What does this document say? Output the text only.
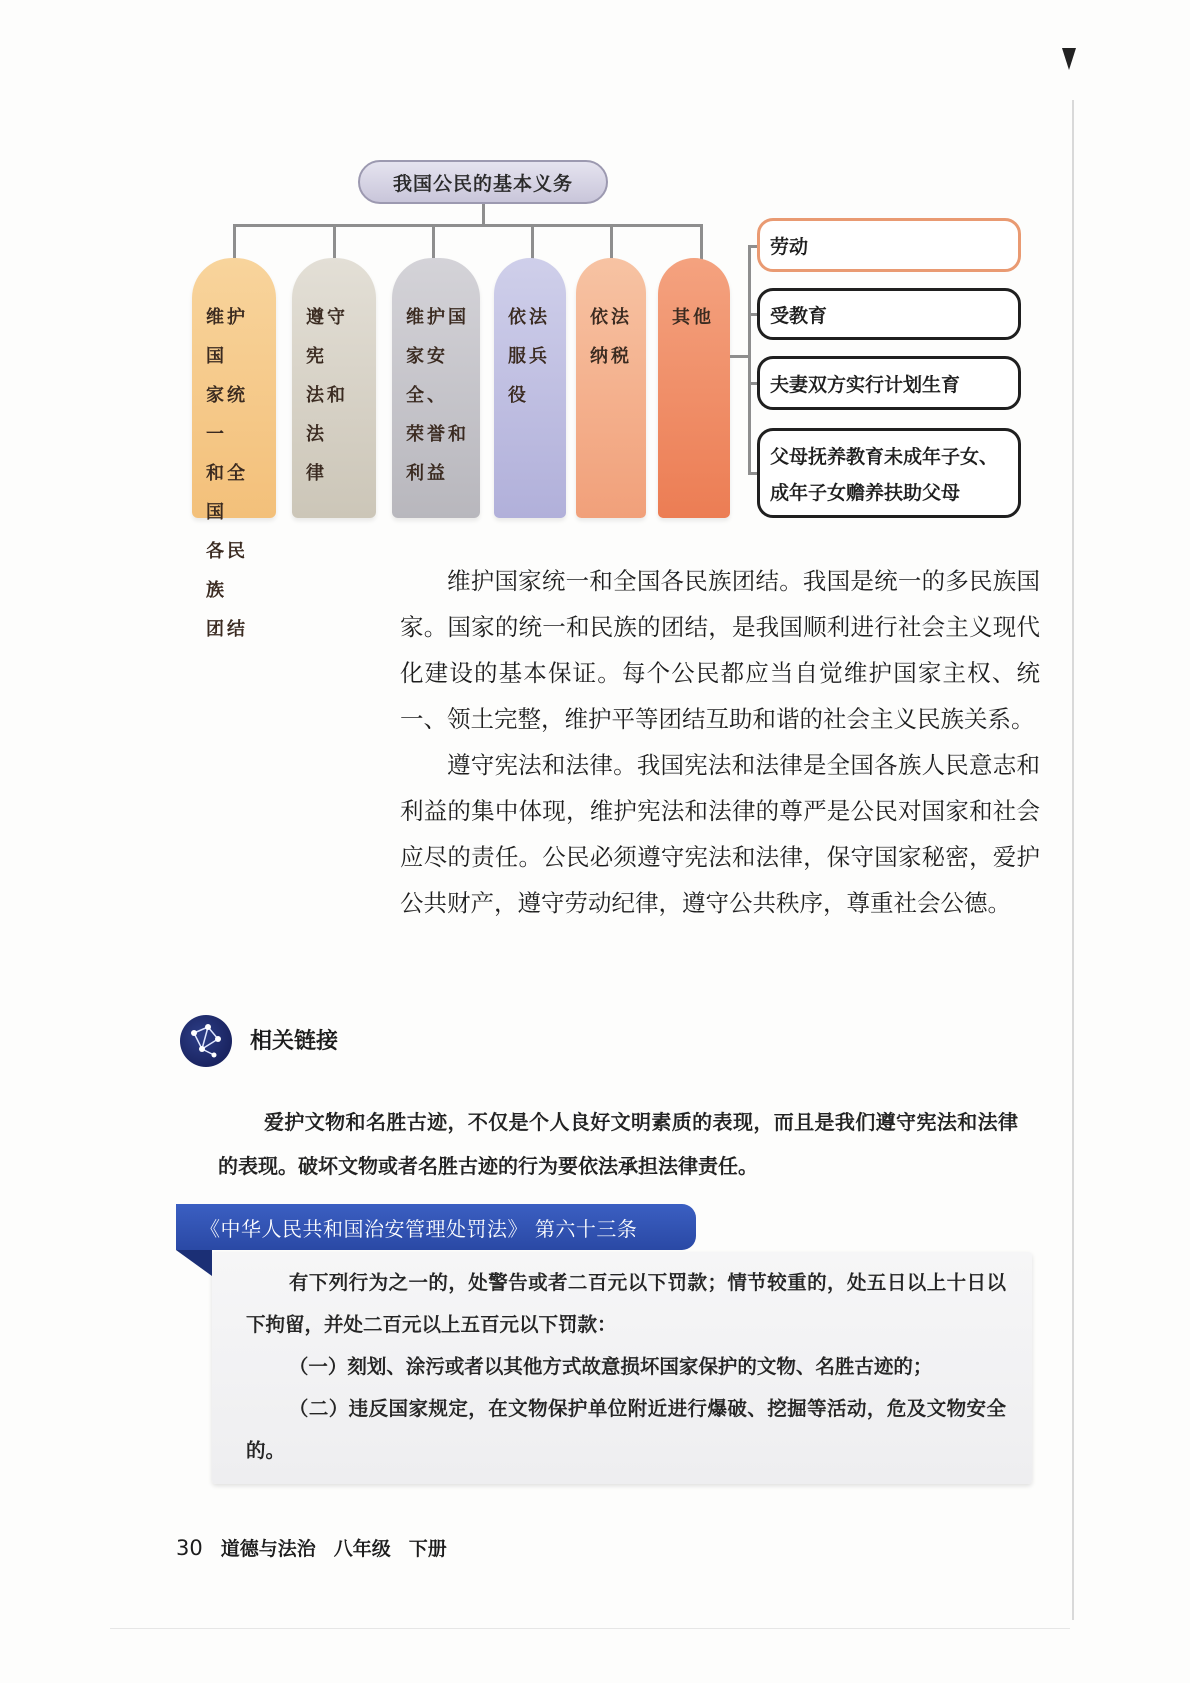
我国公民的基本义务
维护国
家统一
和全国
各民族
团结
遵守宪
法和法
律
维护国
家安全、
荣誉和
利益
依法
服兵
役
依法
纳税
其他
劳动
受教育
夫妻双方实行计划生育
父母抚养教育未成年子女、
成年子女赡养扶助父母

维护国家统一和全国各民族团结。我国是统一的多民族国家。国家的统一和民族的团结，是我国顺利进行社会主义现代化建设的基本保证。每个公民都应当自觉维护国家主权、统一、领土完整，维护平等团结互助和谐的社会主义民族关系。

遵守宪法和法律。我国宪法和法律是全国各族人民意志和利益的集中体现，维护宪法和法律的尊严是公民对国家和社会应尽的责任。公民必须遵守宪法和法律，保守国家秘密，爱护公共财产，遵守劳动纪律，遵守公共秩序，尊重社会公德。

相关链接

爱护文物和名胜古迹，不仅是个人良好文明素质的表现，而且是我们遵守宪法和法律的表现。破坏文物或者名胜古迹的行为要依法承担法律责任。

《中华人民共和国治安管理处罚法》 第六十三条

有下列行为之一的，处警告或者二百元以下罚款；情节较重的，处五日以上十日以下拘留，并处二百元以上五百元以下罚款：

（一）刻划、涂污或者以其他方式故意损坏国家保护的文物、名胜古迹的；

（二）违反国家规定，在文物保护单位附近进行爆破、挖掘等活动，危及文物安全的。

30 道德与法治 八年级 下册
